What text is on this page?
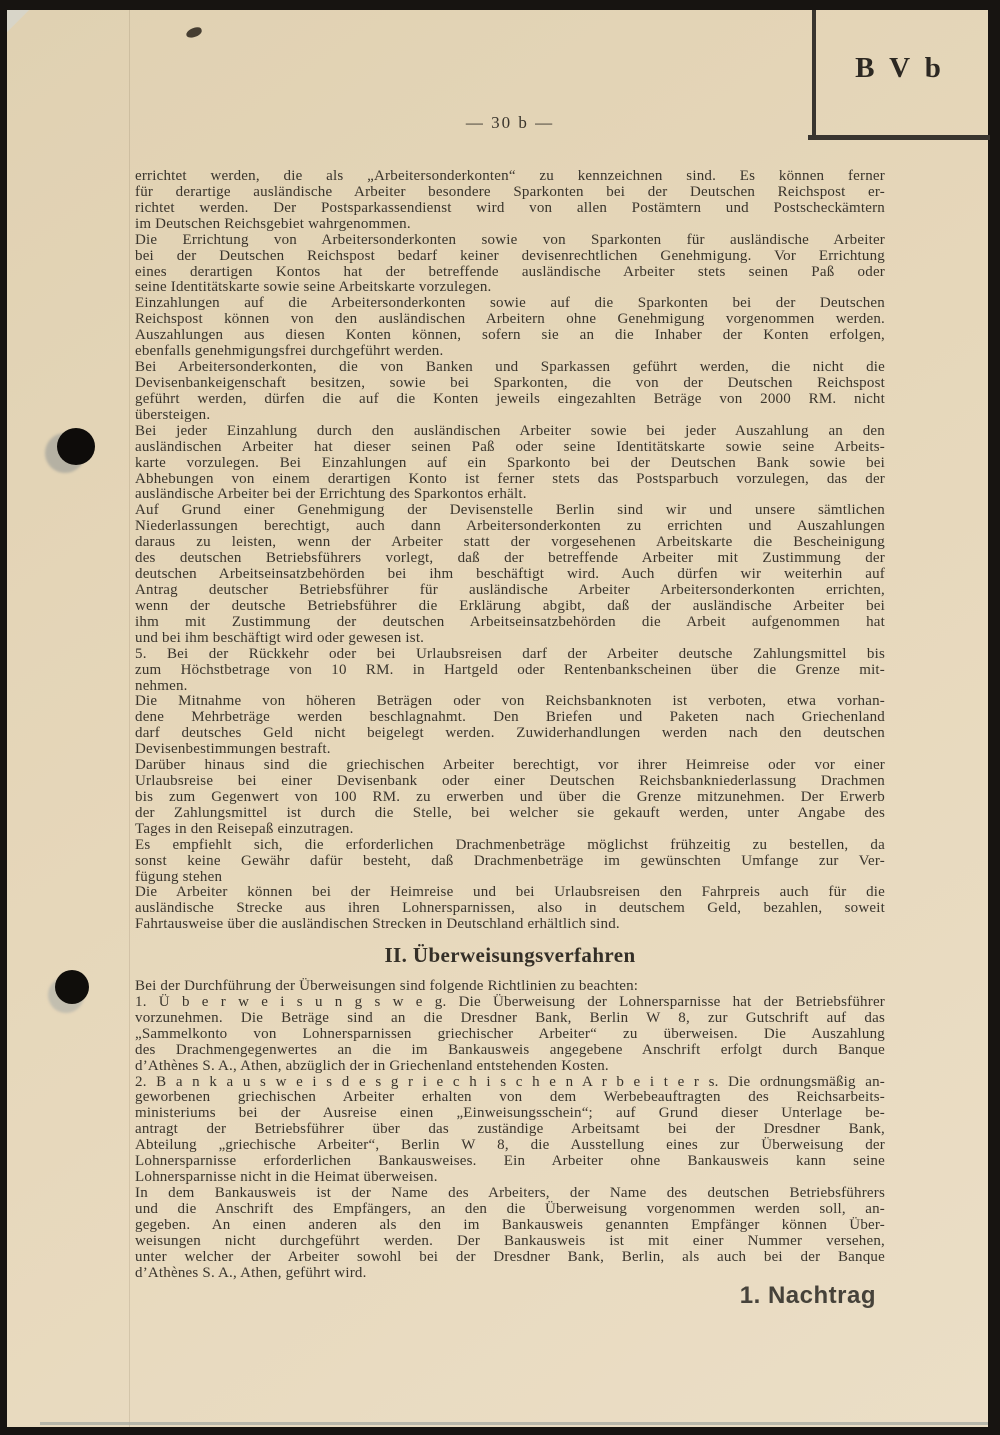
B V b
— 30 b —
errichtet werden, die als „Arbeitersonderkonten“ zu kennzeichnen sind. Es können ferner
für derartige ausländische Arbeiter besondere Sparkonten bei der Deutschen Reichspost er-
richtet werden. Der Postsparkassendienst wird von allen Postämtern und Postscheckämtern
im Deutschen Reichsgebiet wahrgenommen.
Die Errichtung von Arbeitersonderkonten sowie von Sparkonten für ausländische Arbeiter
bei der Deutschen Reichspost bedarf keiner devisenrechtlichen Genehmigung. Vor Errichtung
eines derartigen Kontos hat der betreffende ausländische Arbeiter stets seinen Paß oder
seine Identitätskarte sowie seine Arbeitskarte vorzulegen.
Einzahlungen auf die Arbeitersonderkonten sowie auf die Sparkonten bei der Deutschen
Reichspost können von den ausländischen Arbeitern ohne Genehmigung vorgenommen werden.
Auszahlungen aus diesen Konten können, sofern sie an die Inhaber der Konten erfolgen,
ebenfalls genehmigungsfrei durchgeführt werden.
Bei Arbeitersonderkonten, die von Banken und Sparkassen geführt werden, die nicht die
Devisenbankeigenschaft besitzen, sowie bei Sparkonten, die von der Deutschen Reichspost
geführt werden, dürfen die auf die Konten jeweils eingezahlten Beträge von 2000 RM. nicht
übersteigen.
Bei jeder Einzahlung durch den ausländischen Arbeiter sowie bei jeder Auszahlung an den
ausländischen Arbeiter hat dieser seinen Paß oder seine Identitätskarte sowie seine Arbeits-
karte vorzulegen. Bei Einzahlungen auf ein Sparkonto bei der Deutschen Bank sowie bei
Abhebungen von einem derartigen Konto ist ferner stets das Postsparbuch vorzulegen, das der
ausländische Arbeiter bei der Errichtung des Sparkontos erhält.
Auf Grund einer Genehmigung der Devisenstelle Berlin sind wir und unsere sämtlichen
Niederlassungen berechtigt, auch dann Arbeitersonderkonten zu errichten und Auszahlungen
daraus zu leisten, wenn der Arbeiter statt der vorgesehenen Arbeitskarte die Bescheinigung
des deutschen Betriebsführers vorlegt, daß der betreffende Arbeiter mit Zustimmung der
deutschen Arbeitseinsatzbehörden bei ihm beschäftigt wird. Auch dürfen wir weiterhin auf
Antrag deutscher Betriebsführer für ausländische Arbeiter Arbeitersonderkonten errichten,
wenn der deutsche Betriebsführer die Erklärung abgibt, daß der ausländische Arbeiter bei
ihm mit Zustimmung der deutschen Arbeitseinsatzbehörden die Arbeit aufgenommen hat
und bei ihm beschäftigt wird oder gewesen ist.
5. Bei der Rückkehr oder bei Urlaubsreisen darf der Arbeiter deutsche Zahlungsmittel bis
zum Höchstbetrage von 10 RM. in Hartgeld oder Rentenbankscheinen über die Grenze mit-
nehmen.
Die Mitnahme von höheren Beträgen oder von Reichsbanknoten ist verboten, etwa vorhan-
dene Mehrbeträge werden beschlagnahmt. Den Briefen und Paketen nach Griechenland
darf deutsches Geld nicht beigelegt werden. Zuwiderhandlungen werden nach den deutschen
Devisenbestimmungen bestraft.
Darüber hinaus sind die griechischen Arbeiter berechtigt, vor ihrer Heimreise oder vor einer
Urlaubsreise bei einer Devisenbank oder einer Deutschen Reichsbankniederlassung Drachmen
bis zum Gegenwert von 100 RM. zu erwerben und über die Grenze mitzunehmen. Der Erwerb
der Zahlungsmittel ist durch die Stelle, bei welcher sie gekauft werden, unter Angabe des
Tages in den Reisepaß einzutragen.
Es empfiehlt sich, die erforderlichen Drachmenbeträge möglichst frühzeitig zu bestellen, da
sonst keine Gewähr dafür besteht, daß Drachmenbeträge im gewünschten Umfange zur Ver-
fügung stehen
Die Arbeiter können bei der Heimreise und bei Urlaubsreisen den Fahrpreis auch für die
ausländische Strecke aus ihren Lohnersparnissen, also in deutschem Geld, bezahlen, soweit
Fahrtausweise über die ausländischen Strecken in Deutschland erhältlich sind.
II. Überweisungsverfahren
Bei der Durchführung der Überweisungen sind folgende Richtlinien zu beachten:
1. Ü b e r w e i s u n g s w e g. Die Überweisung der Lohnersparnisse hat der Betriebsführer
vorzunehmen. Die Beträge sind an die Dresdner Bank, Berlin W 8, zur Gutschrift auf das
„Sammelkonto von Lohnersparnissen griechischer Arbeiter“ zu überweisen. Die Auszahlung
des Drachmengegenwertes an die im Bankausweis angegebene Anschrift erfolgt durch Banque
d’Athènes S. A., Athen, abzüglich der in Griechenland entstehenden Kosten.
2. B a n k a u s w e i s d e s g r i e c h i s c h e n A r b e i t e r s. Die ordnungsmäßig an-
geworbenen griechischen Arbeiter erhalten von dem Werbebeauftragten des Reichsarbeits-
ministeriums bei der Ausreise einen „Einweisungsschein“; auf Grund dieser Unterlage be-
antragt der Betriebsführer über das zuständige Arbeitsamt bei der Dresdner Bank,
Abteilung „griechische Arbeiter“, Berlin W 8, die Ausstellung eines zur Überweisung der
Lohnersparnisse erforderlichen Bankausweises. Ein Arbeiter ohne Bankausweis kann seine
Lohnersparnisse nicht in die Heimat überweisen.
In dem Bankausweis ist der Name des Arbeiters, der Name des deutschen Betriebsführers
und die Anschrift des Empfängers, an den die Überweisung vorgenommen werden soll, an-
gegeben. An einen anderen als den im Bankausweis genannten Empfänger können Über-
weisungen nicht durchgeführt werden. Der Bankausweis ist mit einer Nummer versehen,
unter welcher der Arbeiter sowohl bei der Dresdner Bank, Berlin, als auch bei der Banque
d’Athènes S. A., Athen, geführt wird.
1. Nachtrag
